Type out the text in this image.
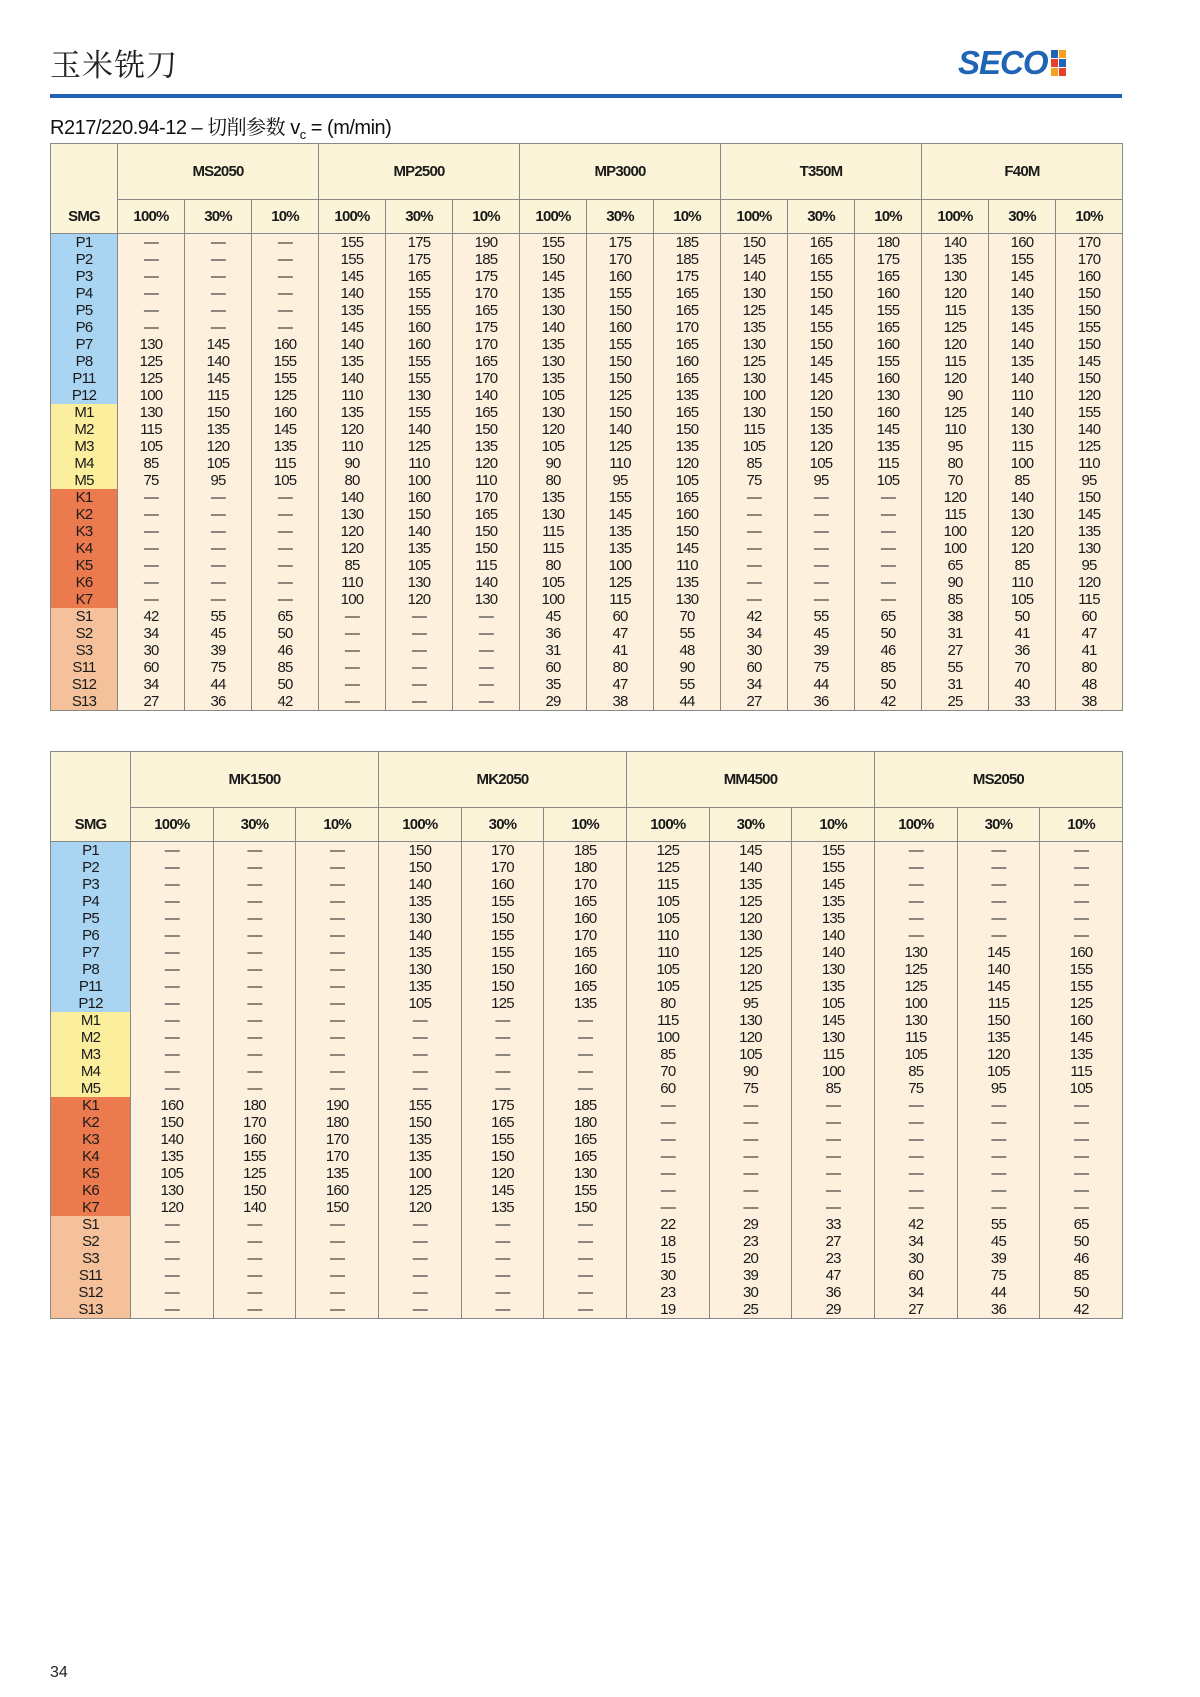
玉米铣刀	SECO
R217/220.94-12 – 切削参数 $v_c = (m/\min)$
	MS2050			MP2500			MP3000			T350M			F40M		
SMG	100%	30%	10%	100%	30%	10%	100%	30%	10%	100%	30%	10%	100%	30%	10%
P1	—	—	—	155	175	190	155	175	185	150	165	180	140	160	170
P2	—	—	—	155	175	185	150	170	185	145	165	175	135	155	170
P3	—	—	—	145	165	175	145	160	175	140	155	165	130	145	160
P4	—	—	—	140	155	170	135	155	165	130	150	160	120	140	150
P5	—	—	—	135	155	165	130	150	165	125	145	155	115	135	150
P6	—	—	—	145	160	175	140	160	170	135	155	165	125	145	155
P7	130	145	160	140	160	170	135	155	165	130	150	160	120	140	150
P8	125	140	155	135	155	165	130	150	160	125	145	155	115	135	145
P11	125	145	155	140	155	170	135	150	165	130	145	160	120	140	150
P12	100	115	125	110	130	140	105	125	135	100	120	130	90	110	120
M1	130	150	160	135	155	165	130	150	165	130	150	160	125	140	155
M2	115	135	145	120	140	150	120	140	150	115	135	145	110	130	140
M3	105	120	135	110	125	135	105	125	135	105	120	135	95	115	125
M4	85	105	115	90	110	120	90	110	120	85	105	115	80	100	110
M5	75	95	105	80	100	110	80	95	105	75	95	105	70	85	95
K1	—	—	—	140	160	170	135	155	165	—	—	—	120	140	150
K2	—	—	—	130	150	165	130	145	160	—	—	—	115	130	145
K3	—	—	—	120	140	150	115	135	150	—	—	—	100	120	135
K4	—	—	—	120	135	150	115	135	145	—	—	—	100	120	130
K5	—	—	—	85	105	115	80	100	110	—	—	—	65	85	95
K6	—	—	—	110	130	140	105	125	135	—	—	—	90	110	120
K7	—	—	—	100	120	130	100	115	130	—	—	—	85	105	115
S1	42	55	65	—	—	—	45	60	70	42	55	65	38	50	60
S2	34	45	50	—	—	—	36	47	55	34	45	50	31	41	47
S3	30	39	46	—	—	—	31	41	48	30	39	46	27	36	41
S11	60	75	85	—	—	—	60	80	90	60	75	85	55	70	80
S12	34	44	50	—	—	—	35	47	55	34	44	50	31	40	48
S13	27	36	42	—	—	—	29	38	44	27	36	42	25	33	38
	MK1500			MK2050			MM4500			MS2050		
SMG	100%	30%	10%	100%	30%	10%	100%	30%	10%	100%	30%	10%
P1	—	—	—	150	170	185	125	145	155	—	—	—
P2	—	—	—	150	170	180	125	140	155	—	—	—
P3	—	—	—	140	160	170	115	135	145	—	—	—
P4	—	—	—	135	155	165	105	125	135	—	—	—
P5	—	—	—	130	150	160	105	120	135	—	—	—
P6	—	—	—	140	155	170	110	130	140	—	—	—
P7	—	—	—	135	155	165	110	125	140	130	145	160
P8	—	—	—	130	150	160	105	120	130	125	140	155
P11	—	—	—	135	150	165	105	125	135	125	145	155
P12	—	—	—	105	125	135	80	95	105	100	115	125
M1	—	—	—	—	—	—	115	130	145	130	150	160
M2	—	—	—	—	—	—	100	120	130	115	135	145
M3	—	—	—	—	—	—	85	105	115	105	120	135
M4	—	—	—	—	—	—	70	90	100	85	105	115
M5	—	—	—	—	—	—	60	75	85	75	95	105
K1	160	180	190	155	175	185	—	—	—	—	—	—
K2	150	170	180	150	165	180	—	—	—	—	—	—
K3	140	160	170	135	155	165	—	—	—	—	—	—
K4	135	155	170	135	150	165	—	—	—	—	—	—
K5	105	125	135	100	120	130	—	—	—	—	—	—
K6	130	150	160	125	145	155	—	—	—	—	—	—
K7	120	140	150	120	135	150	—	—	—	—	—	—
S1	—	—	—	—	—	—	22	29	33	42	55	65
S2	—	—	—	—	—	—	18	23	27	34	45	50
S3	—	—	—	—	—	—	15	20	23	30	39	46
S11	—	—	—	—	—	—	30	39	47	60	75	85
S12	—	—	—	—	—	—	23	30	36	34	44	50
S13	—	—	—	—	—	—	19	25	29	27	36	42
34
